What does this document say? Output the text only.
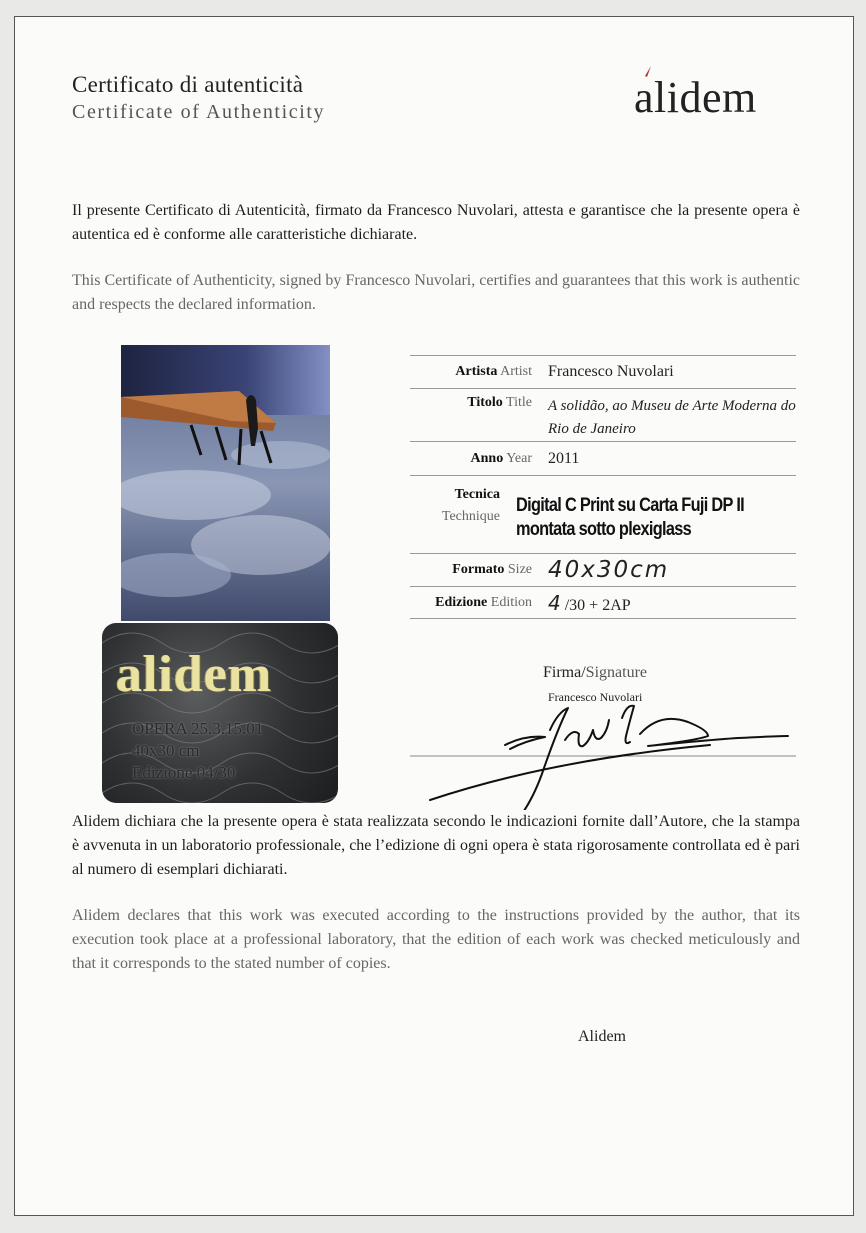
Certificato di autenticità
Certificate of Authenticity	alidem
Il presente Certificato di Autenticità, firmato da Francesco Nuvolari, attesta e garantisce che la presente opera è autentica ed è conforme alle caratteristiche dichiarate.
This Certificate of Authenticity, signed by Francesco Nuvolari, certifies and guarantees that this work is authentic and respects the declared information.
alidem
OPERA 25.3.15.01
40x30 cm
Edizione 04/30
Artista Artist	Francesco Nuvolari
Titolo Title	A solidão, ao Museu de Arte Moderna do Rio de Janeiro
Anno Year	2011
Tecnica
Technique
Digital C Print su Carta Fuji DP II montata sotto plexiglass
Formato Size 40x30cm
Edizione Edition 4 /30 + 2AP
Firma/Signature
Francesco Nuvolari
Alidem dichiara che la presente opera è stata realizzata secondo le indicazioni fornite dall’Autore, che la stampa è avvenuta in un laboratorio professionale, che l’edizione di ogni opera è stata rigorosamente controllata ed è pari al numero di esemplari dichiarati.
Alidem declares that this work was executed according to the instructions provided by the author, that its execution took place at a professional laboratory, that the edition of each work was checked meticulously and that it corresponds to the stated number of copies.
Alidem
